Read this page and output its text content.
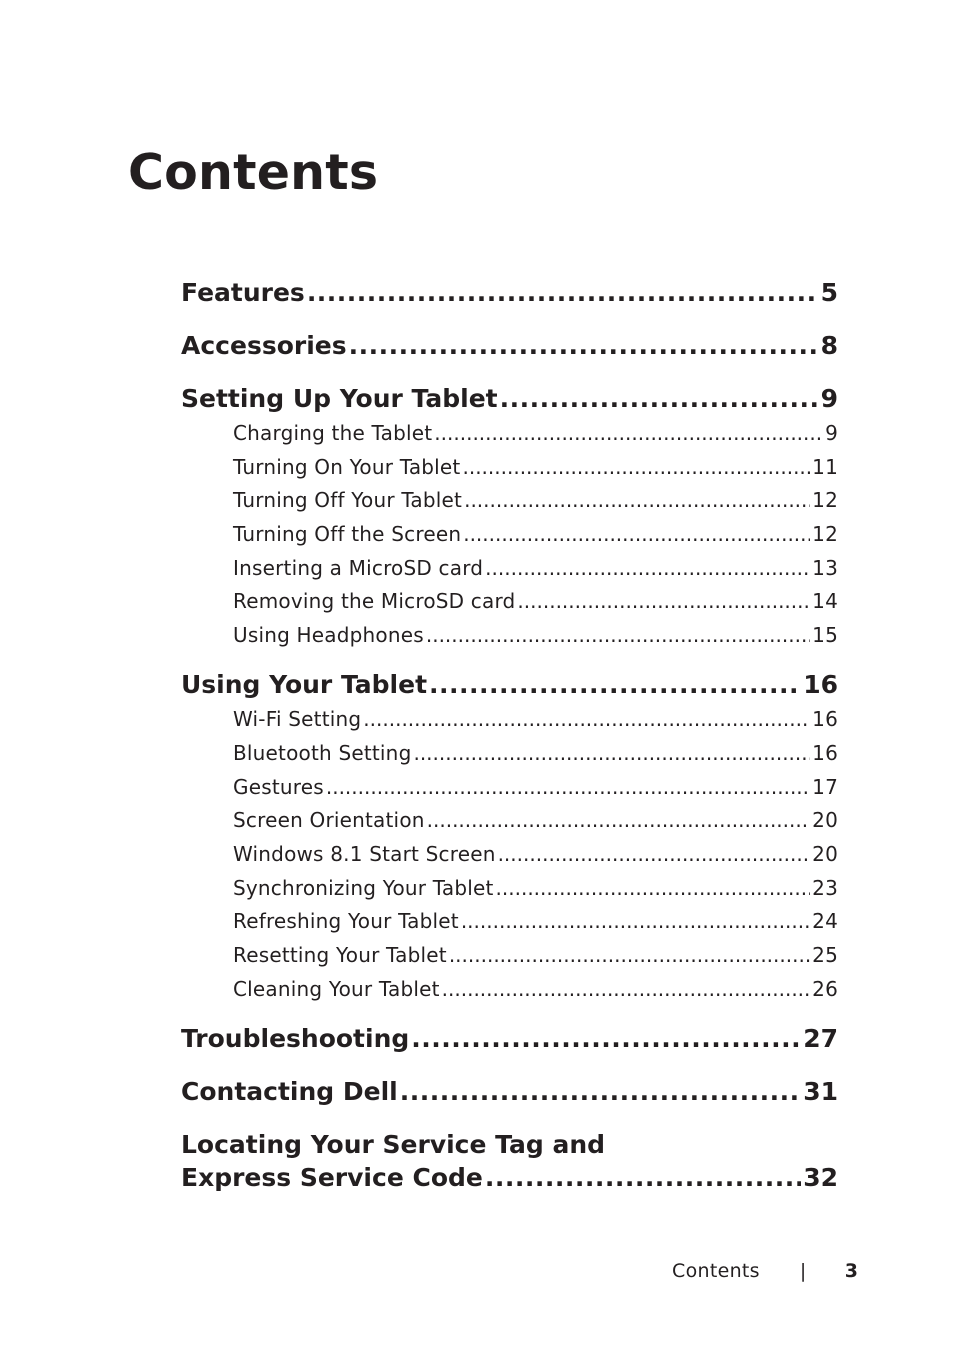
Contents
Features .....	5
Accessories .....	8
Setting Up Your Tablet .....	9
Charging the Tablet .....	9
Turning On Your Tablet .....	11
Turning Off Your Tablet .....	12
Turning Off the Screen .....	12
Inserting a MicroSD card .....	13
Removing the MicroSD card .....	14
Using Headphones .....	15
Using Your Tablet .....	16
Wi-Fi Setting .....	16
Bluetooth Setting .....	16
Gestures .....	17
Screen Orientation .....	20
Windows 8.1 Start Screen .....	20
Synchronizing Your Tablet .....	23
Refreshing Your Tablet .....	24
Resetting Your Tablet .....	25
Cleaning Your Tablet .....	26
Troubleshooting .....	27
Contacting Dell .....	31
Locating Your Service Tag and
Express Service Code .....	32
Contents | 3
